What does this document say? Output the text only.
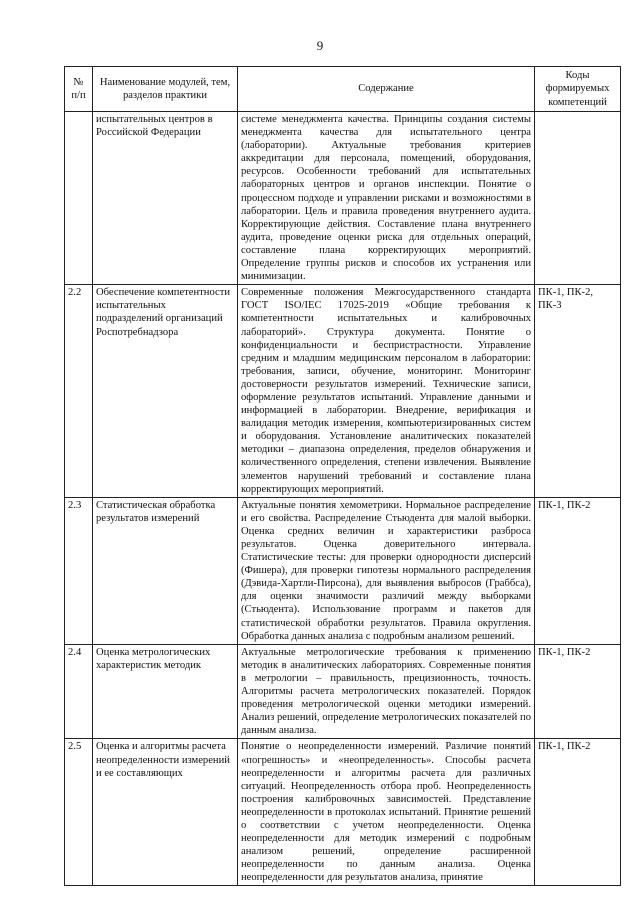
9
№ п/п	Наименование модулей, тем, разделов практики	Содержание	Коды формируемых компетенций
	испытательных центров в Российской Федерации	системе менеджмента качества. Принципы создания системы менеджмента качества для испытательного центра (лаборатории). Актуальные требования критериев аккредитации для персонала, помещений, оборудования, ресурсов. Особенности требований для испытательных лабораторных центров и органов инспекции. Понятие о процессном подходе и управлении рисками и возможностями в лаборатории. Цель и правила проведения внутреннего аудита. Корректирующие действия. Составление плана внутреннего аудита, проведение оценки риска для отдельных операций, составление плана корректирующих мероприятий. Определение группы рисков и способов их устранения или минимизации.	
2.2	Обеспечение компетентности испытательных подразделений организаций Роспотребнадзора	Современные положения Межгосударственного стандарта ГОСТ ISO/IEC 17025-2019 «Общие требования к компетентности испытательных и калибровочных лабораторий». Структура документа. Понятие о конфиденциальности и беспристрастности. Управление средним и младшим медицинским персоналом в лаборатории: требования, записи, обучение, мониторинг. Мониторинг достоверности результатов измерений. Технические записи, оформление результатов испытаний. Управление данными и информацией в лаборатории. Внедрение, верификация и валидация методик измерения, компьютеризированных систем и оборудования. Установление аналитических показателей методики – диапазона определения, пределов обнаружения и количественного определения, степени извлечения. Выявление элементов нарушений требований и составление плана корректирующих мероприятий.	ПК-1, ПК-2, ПК-3
2.3	Статистическая обработка результатов измерений	Актуальные понятия хемометрики. Нормальное распределение и его свойства. Распределение Стьюдента для малой выборки. Оценка средних величин и характеристики разброса результатов. Оценка доверительного интервала. Статистические тесты: для проверки однородности дисперсий (Фишера), для проверки гипотезы нормального распределения (Дэвида-Хартли-Пирсона), для выявления выбросов (Граббса), для оценки значимости различий между выборками (Стьюдента). Использование программ и пакетов для статистической обработки результатов. Правила округления. Обработка данных анализа с подробным анализом решений.	ПК-1, ПК-2
2.4	Оценка метрологических характеристик методик	Актуальные метрологические требования к применению методик в аналитических лабораториях. Современные понятия в метрологии – правильность, прецизионность, точность. Алгоритмы расчета метрологических показателей. Порядок проведения метрологической оценки методики измерений. Анализ решений, определение метрологических показателей по данным анализа.	ПК-1, ПК-2
2.5	Оценка и алгоритмы расчета неопределенности измерений и ее составляющих	Понятие о неопределенности измерений. Различие понятий «погрешность» и «неопределенность». Способы расчета неопределенности и алгоритмы расчета для различных ситуаций. Неопределенность отбора проб. Неопределенность построения калибровочных зависимостей. Представление неопределенности в протоколах испытаний. Принятие решений о соответствии с учетом неопределенности. Оценка неопределенности для методик измерений с подробным анализом решений, определение расширенной неопределенности по данным анализа. Оценка неопределенности для результатов анализа, принятие	ПК-1, ПК-2
